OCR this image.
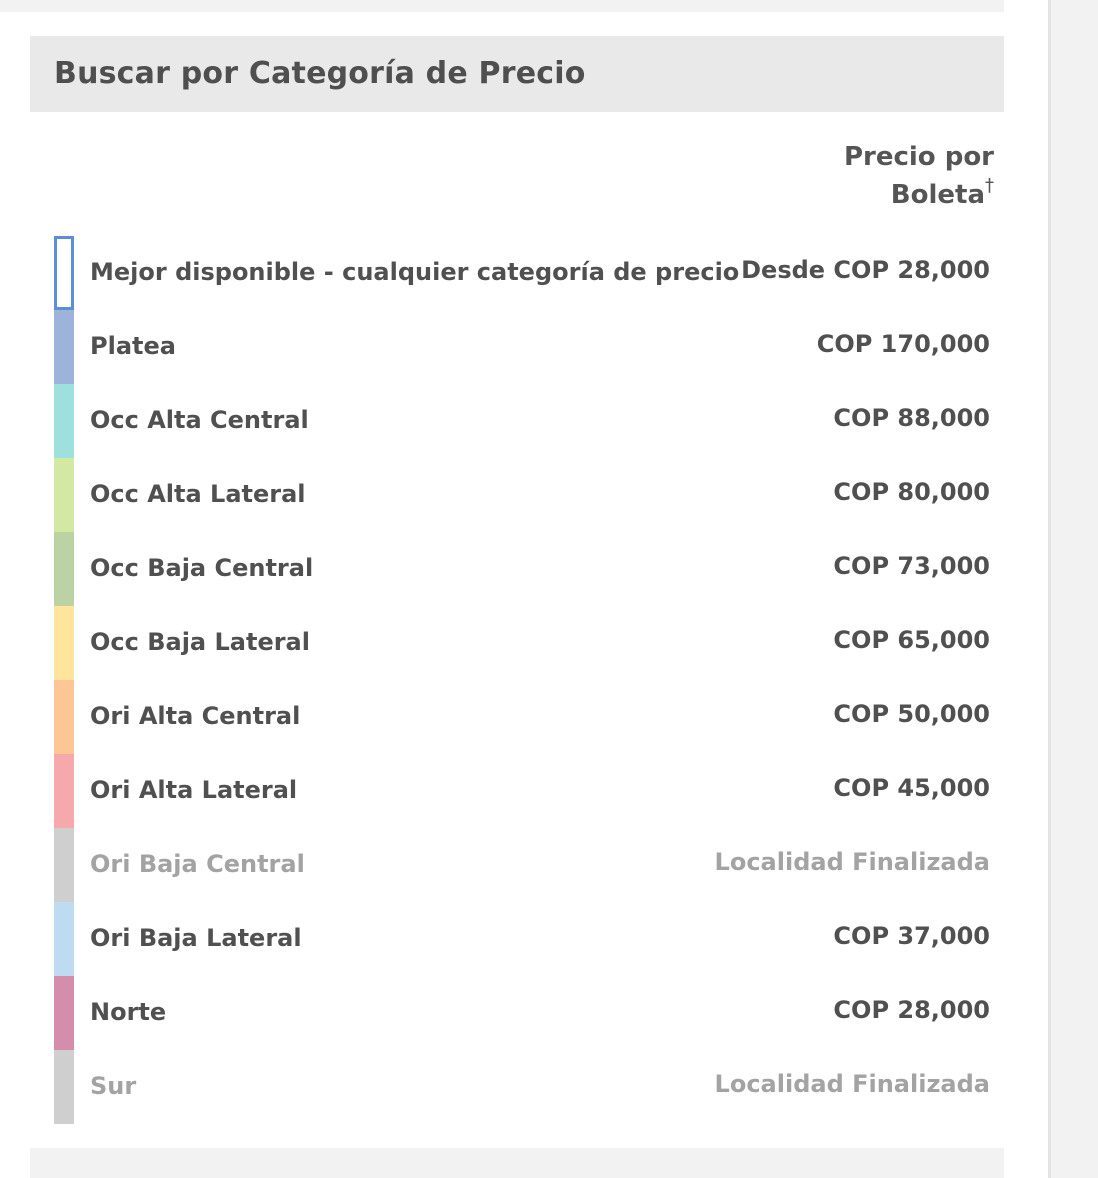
Buscar por Categoría de Precio
Precio por
Boleta†
Mejor disponible - cualquier categoría de precio Desde COP 28,000
Platea	COP 170,000
Occ Alta Central	COP 88,000
Occ Alta Lateral	COP 80,000
Occ Baja Central	COP 73,000
Occ Baja Lateral	COP 65,000
Ori Alta Central	COP 50,000
Ori Alta Lateral	COP 45,000
Ori Baja Central	Localidad Finalizada
Ori Baja Lateral	COP 37,000
Norte	COP 28,000
Sur	Localidad Finalizada
